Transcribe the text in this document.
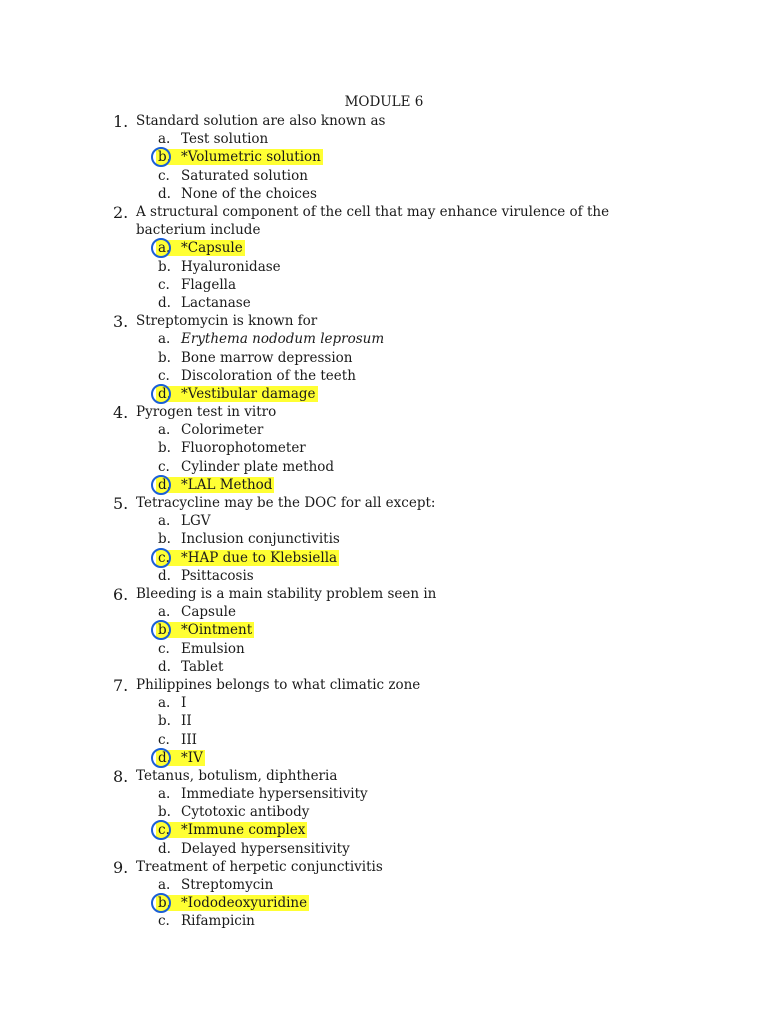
MODULE 6
1. Standard solution are also known as
a. Test solution
b. *Volumetric solution
c. Saturated solution
d. None of the choices
2. A structural component of the cell that may enhance virulence of the bacterium include
a. *Capsule
b. Hyaluronidase
c. Flagella
d. Lactanase
3. Streptomycin is known for
a. Erythema nododum leprosum
b. Bone marrow depression
c. Discoloration of the teeth
d. *Vestibular damage
4. Pyrogen test in vitro
a. Colorimeter
b. Fluorophotometer
c. Cylinder plate method
d. *LAL Method
5. Tetracycline may be the DOC for all except:
a. LGV
b. Inclusion conjunctivitis
c. *HAP due to Klebsiella
d. Psittacosis
6. Bleeding is a main stability problem seen in
a. Capsule
b. *Ointment
c. Emulsion
d. Tablet
7. Philippines belongs to what climatic zone
a. I
b. II
c. III
d. *IV
8. Tetanus, botulism, diphtheria
a. Immediate hypersensitivity
b. Cytotoxic antibody
c. *Immune complex
d. Delayed hypersensitivity
9. Treatment of herpetic conjunctivitis
a. Streptomycin
b. *Iododeoxyuridine
c. Rifampicin
